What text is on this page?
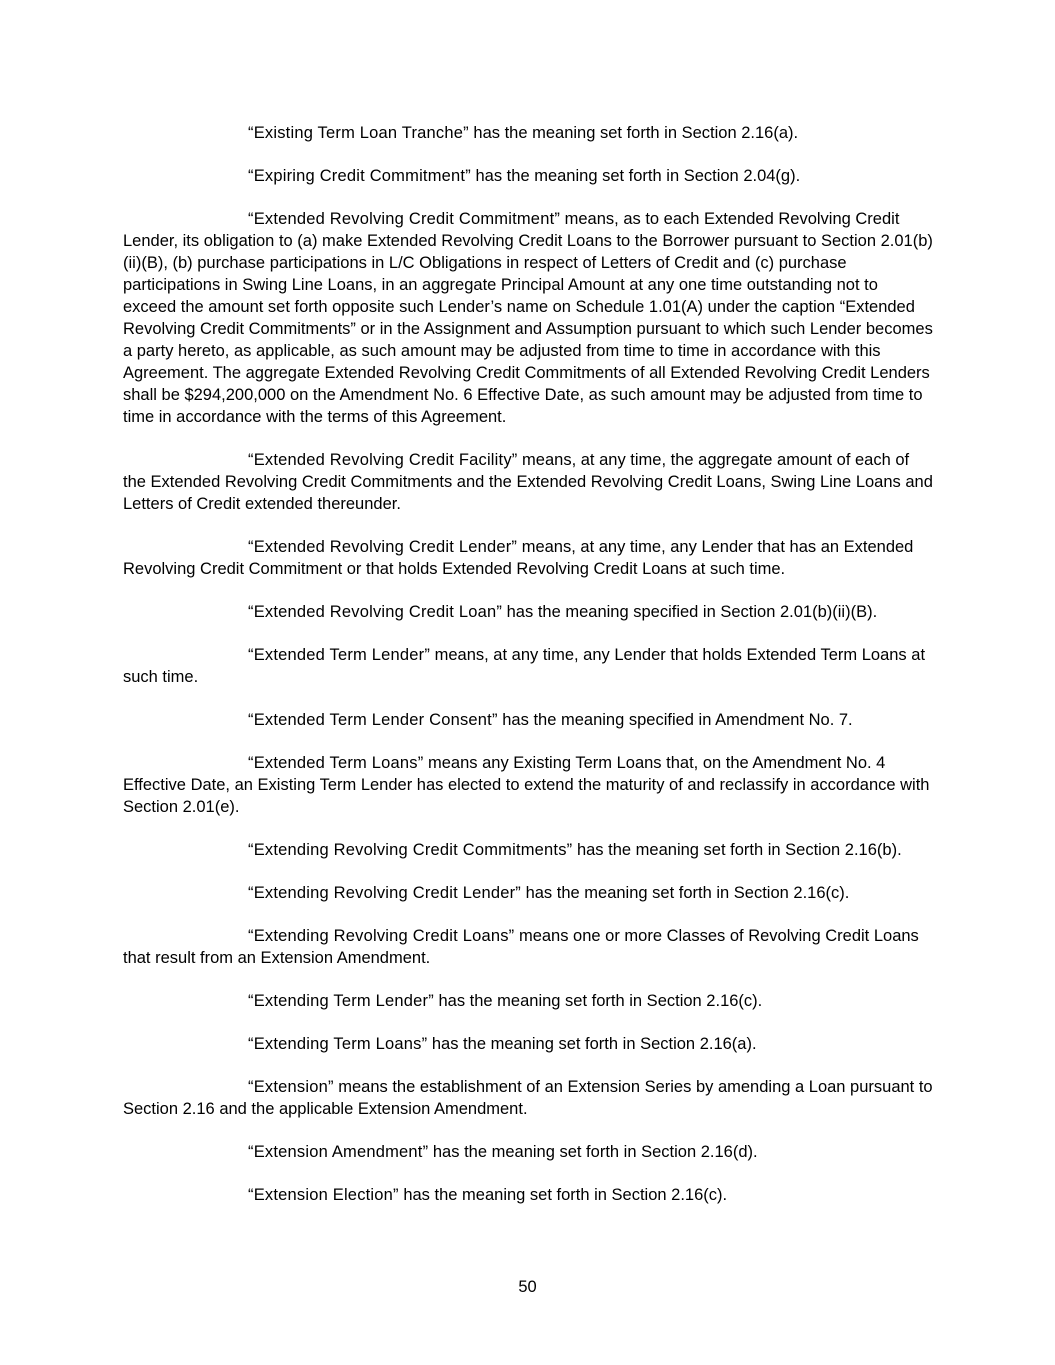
“Existing Term Loan Tranche” has the meaning set forth in Section 2.16(a).

“Expiring Credit Commitment” has the meaning set forth in Section 2.04(g).

“Extended Revolving Credit Commitment” means, as to each Extended Revolving Credit Lender, its obligation to (a) make Extended Revolving Credit Loans to the Borrower pursuant to Section 2.01(b)(ii)(B), (b) purchase participations in L/C Obligations in respect of Letters of Credit and (c) purchase participations in Swing Line Loans, in an aggregate Principal Amount at any one time outstanding not to exceed the amount set forth opposite such Lender’s name on Schedule 1.01(A) under the caption “Extended Revolving Credit Commitments” or in the Assignment and Assumption pursuant to which such Lender becomes a party hereto, as applicable, as such amount may be adjusted from time to time in accordance with this Agreement. The aggregate Extended Revolving Credit Commitments of all Extended Revolving Credit Lenders shall be $294,200,000 on the Amendment No. 6 Effective Date, as such amount may be adjusted from time to time in accordance with the terms of this Agreement.

“Extended Revolving Credit Facility” means, at any time, the aggregate amount of each of the Extended Revolving Credit Commitments and the Extended Revolving Credit Loans, Swing Line Loans and Letters of Credit extended thereunder.

“Extended Revolving Credit Lender” means, at any time, any Lender that has an Extended Revolving Credit Commitment or that holds Extended Revolving Credit Loans at such time.

“Extended Revolving Credit Loan” has the meaning specified in Section 2.01(b)(ii)(B).

“Extended Term Lender” means, at any time, any Lender that holds Extended Term Loans at such time.

“Extended Term Lender Consent” has the meaning specified in Amendment No. 7.

“Extended Term Loans” means any Existing Term Loans that, on the Amendment No. 4 Effective Date, an Existing Term Lender has elected to extend the maturity of and reclassify in accordance with Section 2.01(e).

“Extending Revolving Credit Commitments” has the meaning set forth in Section 2.16(b).

“Extending Revolving Credit Lender” has the meaning set forth in Section 2.16(c).

“Extending Revolving Credit Loans” means one or more Classes of Revolving Credit Loans that result from an Extension Amendment.

“Extending Term Lender” has the meaning set forth in Section 2.16(c).

“Extending Term Loans” has the meaning set forth in Section 2.16(a).

“Extension” means the establishment of an Extension Series by amending a Loan pursuant to Section 2.16 and the applicable Extension Amendment.

“Extension Amendment” has the meaning set forth in Section 2.16(d).

“Extension Election” has the meaning set forth in Section 2.16(c).

50
